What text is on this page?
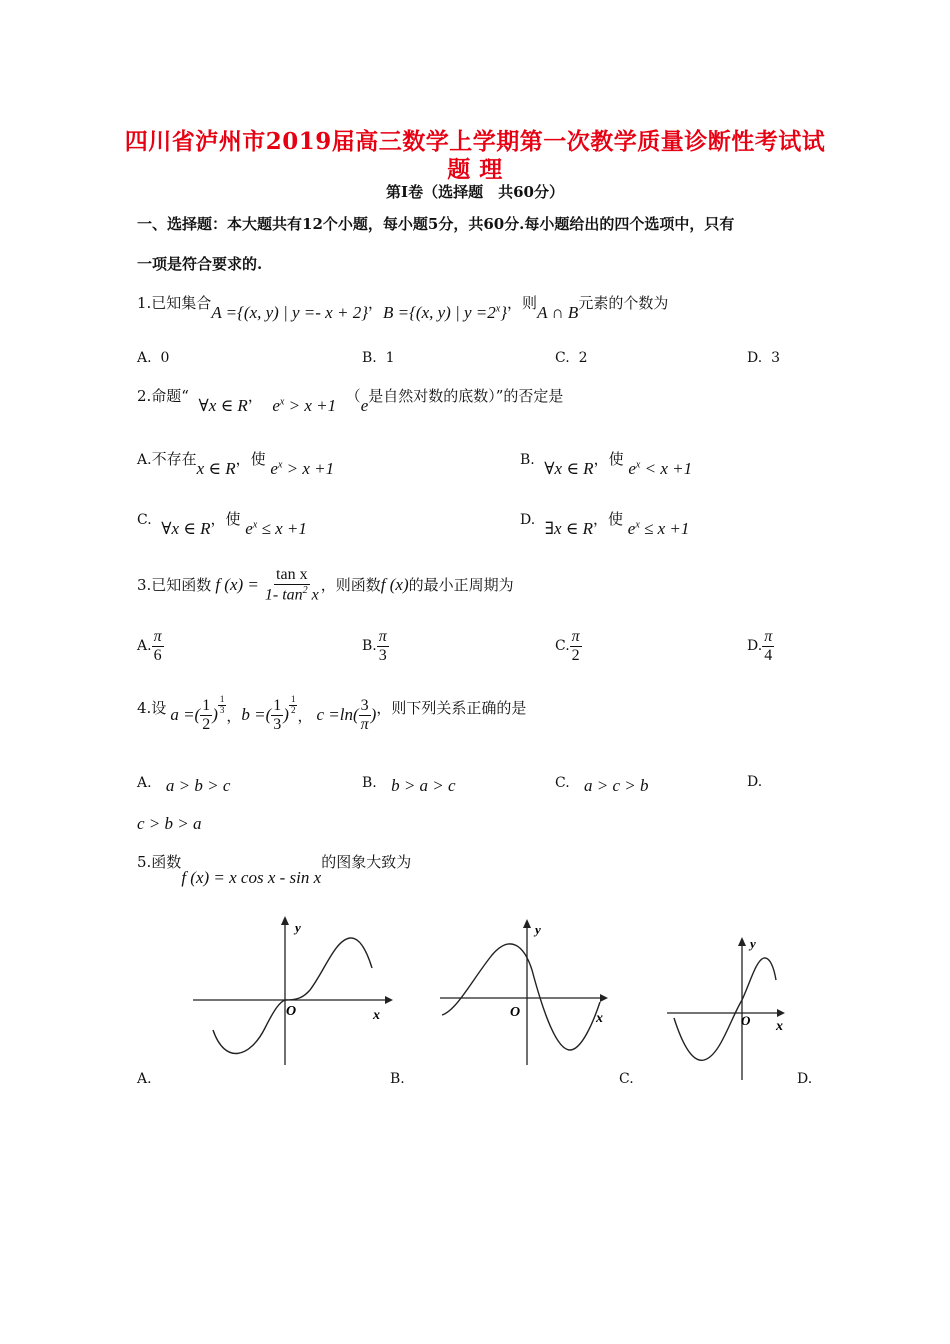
四川省泸州市2019届高三数学上学期第一次教学质量诊断性考试试
题 理
第Ⅰ卷（选择题　共60分）
一、选择题：本大题共有12个小题，每小题5分，共60分.每小题给出的四个选项中，只有
一项是符合要求的.
1.已知集合A ={(x, y) | y =- x + 2}，B ={(x, y) | $y =2^x$}，则A ∩ B元素的个数为
A. 0	B. 1	C. 2	D. 3
2.命题“ ∀x ∈ R， $e^x > x +1$ （e是自然对数的底数）”的否定是
A.不存在x ∈ R，使 $e^x > x +1$	B. ∀x ∈ R，使 $e^x < x +1$
C. ∀x ∈ R，使 $e^x \le x +1$	D. ∃x ∈ R，使 $e^x \le x +1$
3.已知函数 f $(x) = \frac{\text{tan x}}{1- \tan^2 x}$ ，则函数 f (x) 的最小正周期为
A. $\frac{\pi}{6}$	B. $\frac{\pi}{3}$	C. $\frac{\pi}{2}$	D. $\frac{\pi}{4}$
4.设 a =( $\frac{1}{2}$ ) $\frac{1}{3}$ ， b =( $\frac{1}{3}$ ) $\frac{1}{2}$ ， $c =\ln( \frac{3}{\pi}$ ) ，则下列关系正确的是
A. a > b > c	B. b > a > c	C. a > c > b	D.
c > b > a
5.函数f (x) = x cos x - sin x的图象大致为
y
x
O
y
x
O
y
x
O
A.	B.	C.	D.
